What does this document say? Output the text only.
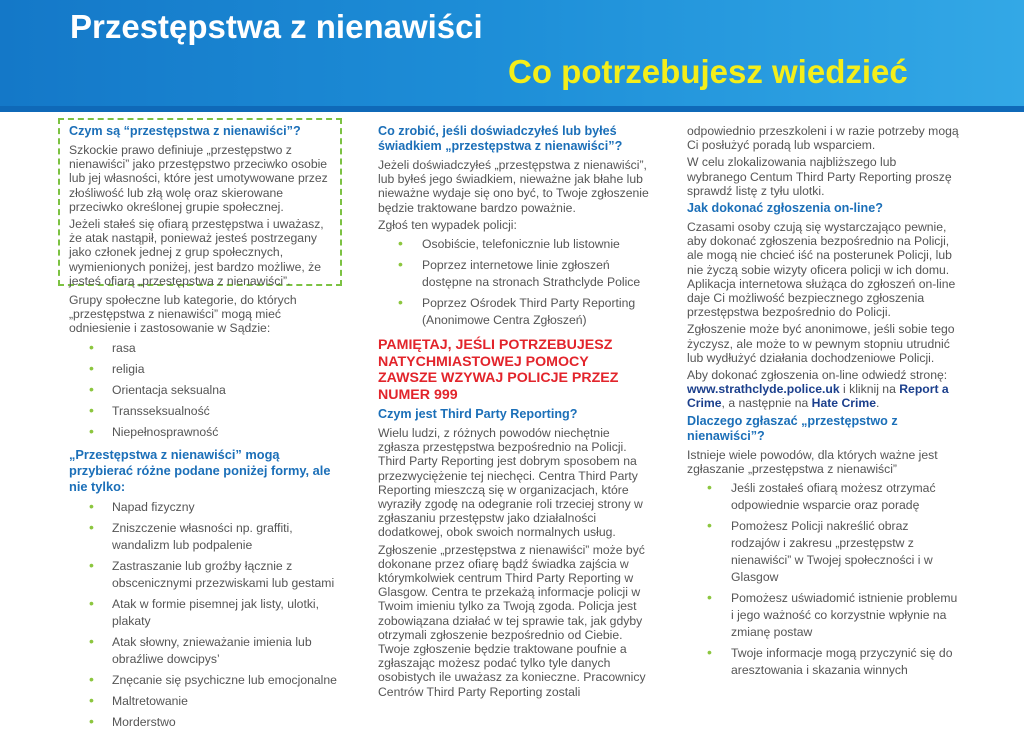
Przestępstwa z nienawiści
Co potrzebujesz wiedzieć
Czym są “przestępstwa z nienawiści”?
Szkockie prawo definiuje „przestępstwo z nienawiści” jako przestępstwo przeciwko osobie lub jej własności, które jest umotywowane przez złośliwość lub złą wolę oraz skierowane przeciwko określonej grupie społecznej.
Jeżeli stałeś się ofiarą przestępstwa i uważasz, że atak nastąpił, ponieważ jesteś postrzegany jako członek jednej z grup społecznych, wymienionych poniżej, jest bardzo możliwe, że jesteś ofiarą „przestępstwa z nienawiści”.
Grupy społeczne lub kategorie, do których „przestępstwa z nienawiści” mogą mieć odniesienie i zastosowanie w Sądzie:
• rasa
• religia
• Orientacja seksualna
• Transseksualność
• Niepełnosprawność
„Przestępstwa z nienawiści” mogą przybierać różne podane poniżej formy, ale nie tylko:
• Napad fizyczny
• Zniszczenie własności np. graffiti, wandalizm lub podpalenie
• Zastraszanie lub groźby łącznie z obscenicznymi przezwiskami lub gestami
• Atak w formie pisemnej jak listy, ulotki, plakaty
• Atak słowny, znieważanie imienia lub obraźliwe dowcipys’
• Znęcanie się psychiczne lub emocjonalne
• Maltretowanie
• Morderstwo
Co zrobić, jeśli doświadczyłeś lub byłeś świadkiem „przestępstwa z nienawiści”?
Jeżeli doświadczyłeś „przestępstwa z nienawiści”, lub byłeś jego świadkiem, nieważne jak błahe lub nieważne wydaje się ono być, to Twoje zgłoszenie będzie traktowane bardzo poważnie.
Zgłoś ten wypadek policji:
• Osobiście, telefonicznie lub listownie
• Poprzez internetowe linie zgłoszeń dostępne na stronach Strathclyde Police
• Poprzez Ośrodek Third Party Reporting (Anonimowe Centra Zgłoszeń)
PAMIĘTAJ, JEŚLI POTRZEBUJESZ NATYCHMIASTOWEJ POMOCY ZAWSZE WZYWAJ POLICJE PRZEZ NUMER 999
Czym jest Third Party Reporting?
Wielu ludzi, z różnych powodów niechętnie zgłasza przestępstwa bezpośrednio na Policji. Third Party Reporting jest dobrym sposobem na przezwyciężenie tej niechęci. Centra Third Party Reporting mieszczą się w organizacjach, które wyraziły zgodę na odegranie roli trzeciej strony w zgłaszaniu przestępstw jako działalności dodatkowej, obok swoich normalnych usług.
Zgłoszenie „przestępstwa z nienawiści” może być dokonane przez ofiarę bądź świadka zajścia w którymkolwiek centrum Third Party Reporting w Glasgow. Centra te przekażą informacje policji w Twoim imieniu tylko za Twoją zgoda. Policja jest zobowiązana działać w tej sprawie tak, jak gdyby otrzymali zgłoszenie bezpośrednio od Ciebie. Twoje zgłoszenie będzie traktowane poufnie a zgłaszając możesz podać tylko tyle danych osobistych ile uważasz za konieczne. Pracownicy Centrów Third Party Reporting zostali
odpowiednio przeszkoleni i w razie potrzeby mogą Ci posłużyć poradą lub wsparciem.
W celu zlokalizowania najbliższego lub wybranego Centum Third Party Reporting proszę sprawdź listę z tyłu ulotki.
Jak dokonać zgłoszenia on-line?
Czasami osoby czują się wystarczająco pewnie, aby dokonać zgłoszenia bezpośrednio na Policji, ale mogą nie chcieć iść na posterunek Policji, lub nie życzą sobie wizyty oficera policji w ich domu. Aplikacja internetowa służąca do zgłoszeń on-line daje Ci możliwość bezpiecznego zgłoszenia przestępstwa bezpośrednio do Policji.
Zgłoszenie może być anonimowe, jeśli sobie tego życzysz, ale może to w pewnym stopniu utrudnić lub wydłużyć działania dochodzeniowe Policji.
Aby dokonać zgłoszenia on-line odwiedź stronę: www.strathclyde.police.uk i kliknij na Report a Crime, a następnie na Hate Crime.
Dlaczego zgłaszać „przestępstwo z nienawiści”?
Istnieje wiele powodów, dla których ważne jest zgłaszanie „przestępstwa z nienawiści”
• Jeśli zostałeś ofiarą możesz otrzymać odpowiednie wsparcie oraz poradę
• Pomożesz Policji nakreślić obraz rodzajów i zakresu „przestępstw z nienawiści” w Twojej społeczności i w Glasgow
• Pomożesz uświadomić istnienie problemu i jego ważność co korzystnie wpłynie na zmianę postaw
• Twoje informacje mogą przyczynić się do aresztowania i skazania winnych
